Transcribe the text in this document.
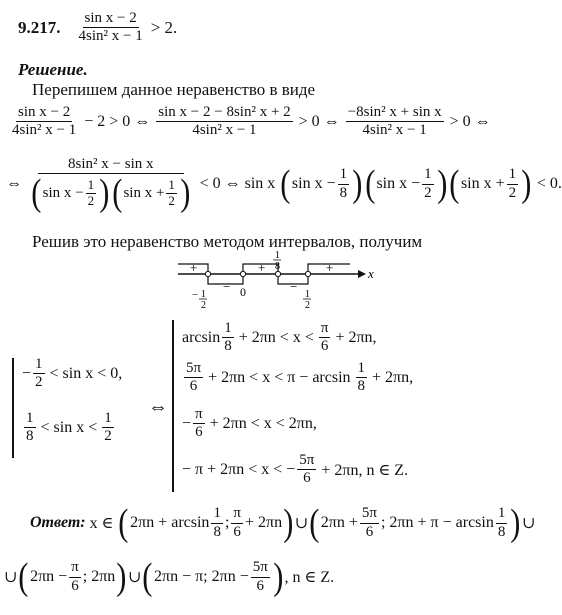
9.217. $\frac{\text{sin x − 2}}{\text{4sin² x − 1}} > 2$.
Решение.
Перепишем данное неравенство в виде
$\frac{\text{sin x − 2}}{\text{4sin² x − 1}} - 2 > 0$ ⇔ $\frac{\text{sin x − 2 − 8sin² x + 2}}{\text{4sin² x − 1}} > 0$ ⇔ $\frac{\text{−8sin² x + sin x}}{\text{4sin² x − 1}} > 0$ ⇔
⇔ $\frac{\text{8sin² x − sin x}}{( \sin x - \frac{1}{2} ) ( \sin x + \frac{1}{2} )} < 0$ ⇔ sin x ( $\sin x - \frac{1}{8}$ ) ( $\sin x - \frac{1}{2}$ ) ( $\sin x + \frac{1}{2}$ ) < 0.
Решив это неравенство методом интервалов, получим
+
−
+
−
+	x
− 1
2
0
1
8
1
2
− $\frac{1}{2} < \sin x < 0$,
$\frac{1}{8} < \sin x < \frac{1}{2}$
⇔
$\arcsin \frac{1}{8} + 2\pi n < x < \frac{\pi}{6} + 2\pi n$,
$\frac{5\pi}{6} + 2\pi n < x < \pi - \arcsin \frac{1}{8} + 2\pi n$,
− $\frac{\pi}{6} + 2\pi n < x < 2\pi n$,
− π + 2πn < x < − $\frac{5\pi}{6} + 2\pi n$, n ∈ Z.
Ответ: x ∈ ( $2\pi n + \arcsin \frac{1}{8}$ ; $\frac{\pi}{6} + 2\pi n$ ) ∪ ( $2\pi n + \frac{5\pi}{6}$ ; $2\pi n + \pi - \arcsin \frac{1}{8}$ ) ∪
∪ ( $2\pi n - \frac{\pi}{6}$ ; 2πn ) ∪ ( 2πn − π; $2\pi n - \frac{5\pi}{6}$ ) , n ∈ Z.
